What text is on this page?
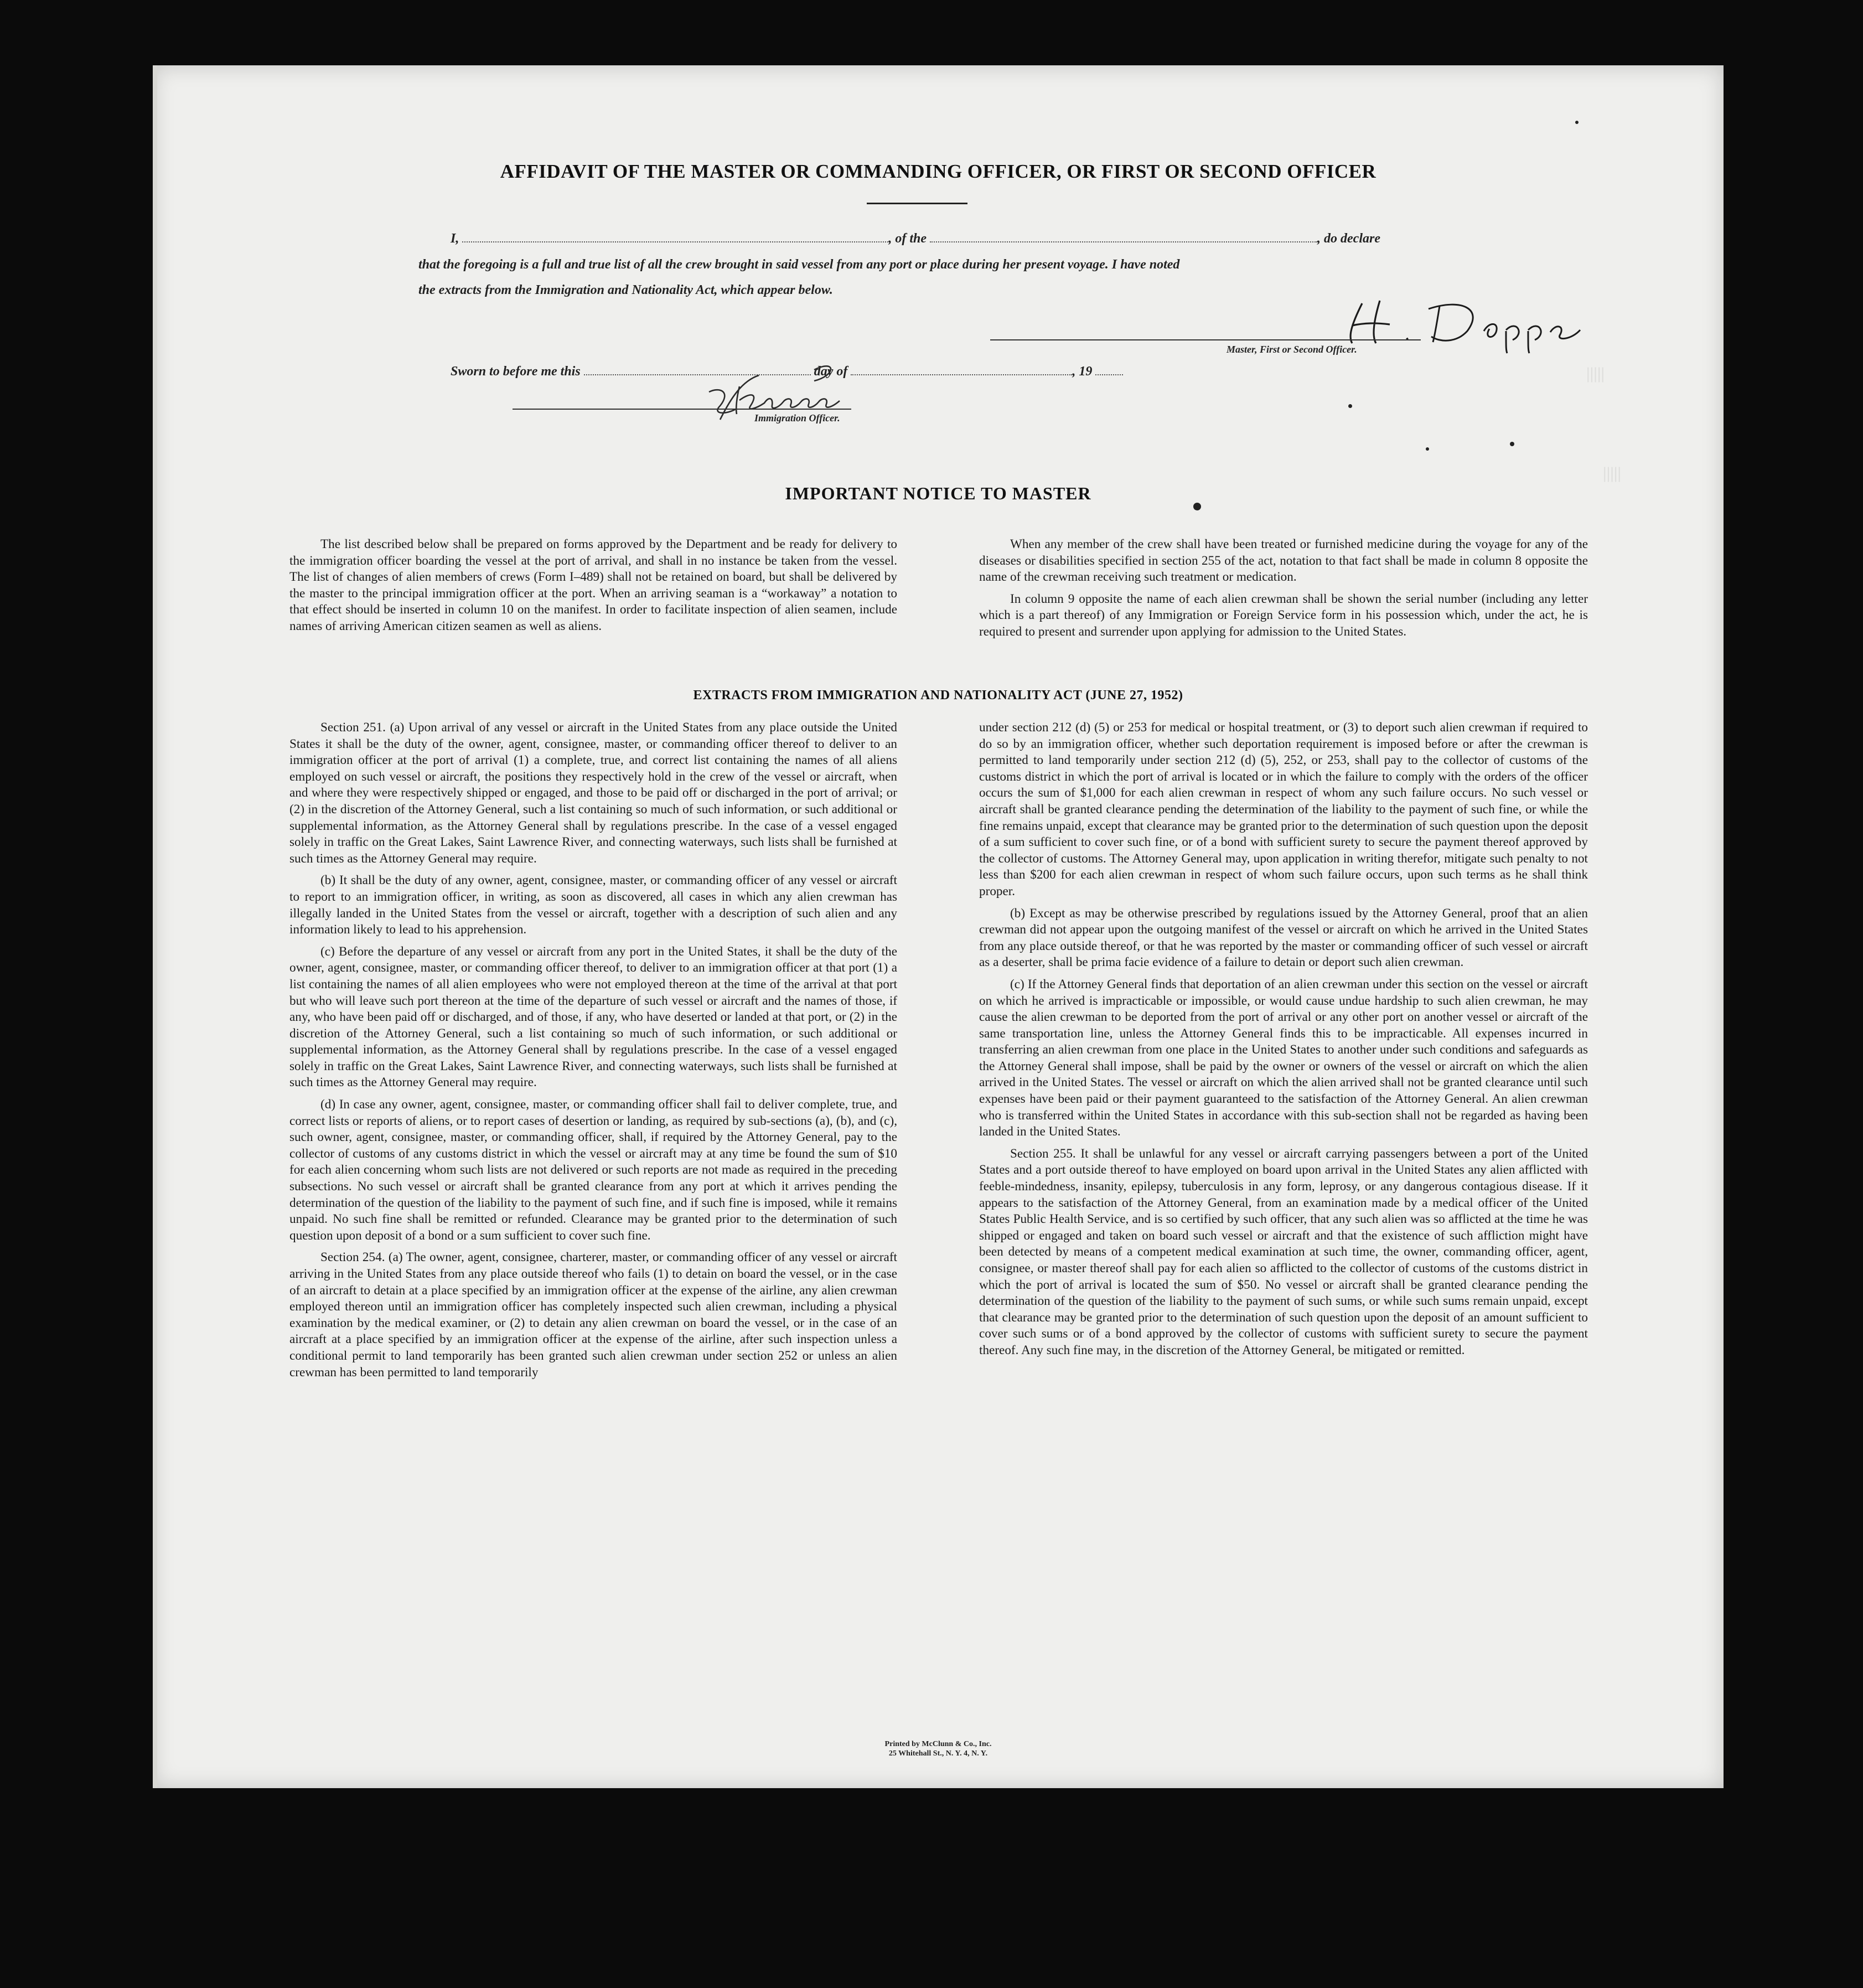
|||||
|||||
AFFIDAVIT OF THE MASTER OR COMMANDING OFFICER, OR FIRST OR SECOND OFFICER
I,	, of the	, do declare
that the foregoing is a full and true list of all the crew brought in said vessel from any port or place during her present voyage. I have noted
the extracts from the Immigration and Nationality Act, which appear below.
Master, First or Second Officer.
Sworn to before me this	day of	, 19
Immigration Officer.
IMPORTANT NOTICE TO MASTER

The list described below shall be prepared on forms approved by the Department and be ready for delivery to the immigration officer boarding the vessel at the port of arrival, and shall in no instance be taken from the vessel. The list of changes of alien members of crews (Form I–489) shall not be retained on board, but shall be delivered by the master to the principal immigration officer at the port. When an arriving seaman is a “workaway” a notation to that effect should be inserted in column 10 on the manifest. In order to facilitate inspection of alien seamen, include names of arriving American citizen seamen as well as aliens.

When any member of the crew shall have been treated or furnished medicine during the voyage for any of the diseases or disabilities specified in section 255 of the act, notation to that fact shall be made in column 8 opposite the name of the crewman receiving such treatment or medication.

In column 9 opposite the name of each alien crewman shall be shown the serial number (including any letter which is a part thereof) of any Immigration or Foreign Service form in his possession which, under the act, he is required to present and surrender upon applying for admission to the United States.

EXTRACTS FROM IMMIGRATION AND NATIONALITY ACT (JUNE 27, 1952)

Section 251. (a) Upon arrival of any vessel or aircraft in the United States from any place outside the United States it shall be the duty of the owner, agent, consignee, master, or commanding officer thereof to deliver to an immigration officer at the port of arrival (1) a complete, true, and correct list containing the names of all aliens employed on such vessel or aircraft, the positions they respectively hold in the crew of the vessel or aircraft, when and where they were respectively shipped or engaged, and those to be paid off or discharged in the port of arrival; or (2) in the discretion of the Attorney General, such a list containing so much of such information, or such additional or supplemental information, as the Attorney General shall by regulations prescribe. In the case of a vessel engaged solely in traffic on the Great Lakes, Saint Lawrence River, and connecting waterways, such lists shall be furnished at such times as the Attorney General may require.

(b) It shall be the duty of any owner, agent, consignee, master, or commanding officer of any vessel or aircraft to report to an immigration officer, in writing, as soon as discovered, all cases in which any alien crewman has illegally landed in the United States from the vessel or aircraft, together with a description of such alien and any information likely to lead to his apprehension.

(c) Before the departure of any vessel or aircraft from any port in the United States, it shall be the duty of the owner, agent, consignee, master, or commanding officer thereof, to deliver to an immigration officer at that port (1) a list containing the names of all alien employees who were not employed thereon at the time of the arrival at that port but who will leave such port thereon at the time of the departure of such vessel or aircraft and the names of those, if any, who have been paid off or discharged, and of those, if any, who have deserted or landed at that port, or (2) in the discretion of the Attorney General, such a list containing so much of such information, or such additional or supplemental information, as the Attorney General shall by regulations prescribe. In the case of a vessel engaged solely in traffic on the Great Lakes, Saint Lawrence River, and connecting waterways, such lists shall be furnished at such times as the Attorney General may require.

(d) In case any owner, agent, consignee, master, or commanding officer shall fail to deliver complete, true, and correct lists or reports of aliens, or to report cases of desertion or landing, as required by sub-sections (a), (b), and (c), such owner, agent, consignee, master, or commanding officer, shall, if required by the Attorney General, pay to the collector of customs of any customs district in which the vessel or aircraft may at any time be found the sum of $10 for each alien concerning whom such lists are not delivered or such reports are not made as required in the preceding subsections. No such vessel or aircraft shall be granted clearance from any port at which it arrives pending the determination of the question of the liability to the payment of such fine, and if such fine is imposed, while it remains unpaid. No such fine shall be remitted or refunded. Clearance may be granted prior to the determination of such question upon deposit of a bond or a sum sufficient to cover such fine.

Section 254. (a) The owner, agent, consignee, charterer, master, or commanding officer of any vessel or aircraft arriving in the United States from any place outside thereof who fails (1) to detain on board the vessel, or in the case of an aircraft to detain at a place specified by an immigration officer at the expense of the airline, any alien crewman employed thereon until an immigration officer has completely inspected such alien crewman, including a physical examination by the medical examiner, or (2) to detain any alien crewman on board the vessel, or in the case of an aircraft at a place specified by an immigration officer at the expense of the airline, after such inspection unless a conditional permit to land temporarily has been granted such alien crewman under section 252 or unless an alien crewman has been permitted to land temporarily

under section 212 (d) (5) or 253 for medical or hospital treatment, or (3) to deport such alien crewman if required to do so by an immigration officer, whether such deportation requirement is imposed before or after the crewman is permitted to land temporarily under section 212 (d) (5), 252, or 253, shall pay to the collector of customs of the customs district in which the port of arrival is located or in which the failure to comply with the orders of the officer occurs the sum of $1,000 for each alien crewman in respect of whom any such failure occurs. No such vessel or aircraft shall be granted clearance pending the determination of the liability to the payment of such fine, or while the fine remains unpaid, except that clearance may be granted prior to the determination of such question upon the deposit of a sum sufficient to cover such fine, or of a bond with sufficient surety to secure the payment thereof approved by the collector of customs. The Attorney General may, upon application in writing therefor, mitigate such penalty to not less than $200 for each alien crewman in respect of whom such failure occurs, upon such terms as he shall think proper.

(b) Except as may be otherwise prescribed by regulations issued by the Attorney General, proof that an alien crewman did not appear upon the outgoing manifest of the vessel or aircraft on which he arrived in the United States from any place outside thereof, or that he was reported by the master or commanding officer of such vessel or aircraft as a deserter, shall be prima facie evidence of a failure to detain or deport such alien crewman.

(c) If the Attorney General finds that deportation of an alien crewman under this section on the vessel or aircraft on which he arrived is impracticable or impossible, or would cause undue hardship to such alien crewman, he may cause the alien crewman to be deported from the port of arrival or any other port on another vessel or aircraft of the same transportation line, unless the Attorney General finds this to be impracticable. All expenses incurred in transferring an alien crewman from one place in the United States to another under such conditions and safeguards as the Attorney General shall impose, shall be paid by the owner or owners of the vessel or aircraft on which the alien arrived in the United States. The vessel or aircraft on which the alien arrived shall not be granted clearance until such expenses have been paid or their payment guaranteed to the satisfaction of the Attorney General. An alien crewman who is transferred within the United States in accordance with this sub-section shall not be regarded as having been landed in the United States.

Section 255. It shall be unlawful for any vessel or aircraft carrying passengers between a port of the United States and a port outside thereof to have employed on board upon arrival in the United States any alien afflicted with feeble-mindedness, insanity, epilepsy, tuberculosis in any form, leprosy, or any dangerous contagious disease. If it appears to the satisfaction of the Attorney General, from an examination made by a medical officer of the United States Public Health Service, and is so certified by such officer, that any such alien was so afflicted at the time he was shipped or engaged and taken on board such vessel or aircraft and that the existence of such affliction might have been detected by means of a competent medical examination at such time, the owner, commanding officer, agent, consignee, or master thereof shall pay for each alien so afflicted to the collector of customs of the customs district in which the port of arrival is located the sum of $50. No vessel or aircraft shall be granted clearance pending the determination of the question of the liability to the payment of such sums, or while such sums remain unpaid, except that clearance may be granted prior to the determination of such question upon the deposit of an amount sufficient to cover such sums or of a bond approved by the collector of customs with sufficient surety to secure the payment thereof. Any such fine may, in the discretion of the Attorney General, be mitigated or remitted.

Printed by McClunn & Co., Inc.
25 Whitehall St., N. Y. 4, N. Y.
